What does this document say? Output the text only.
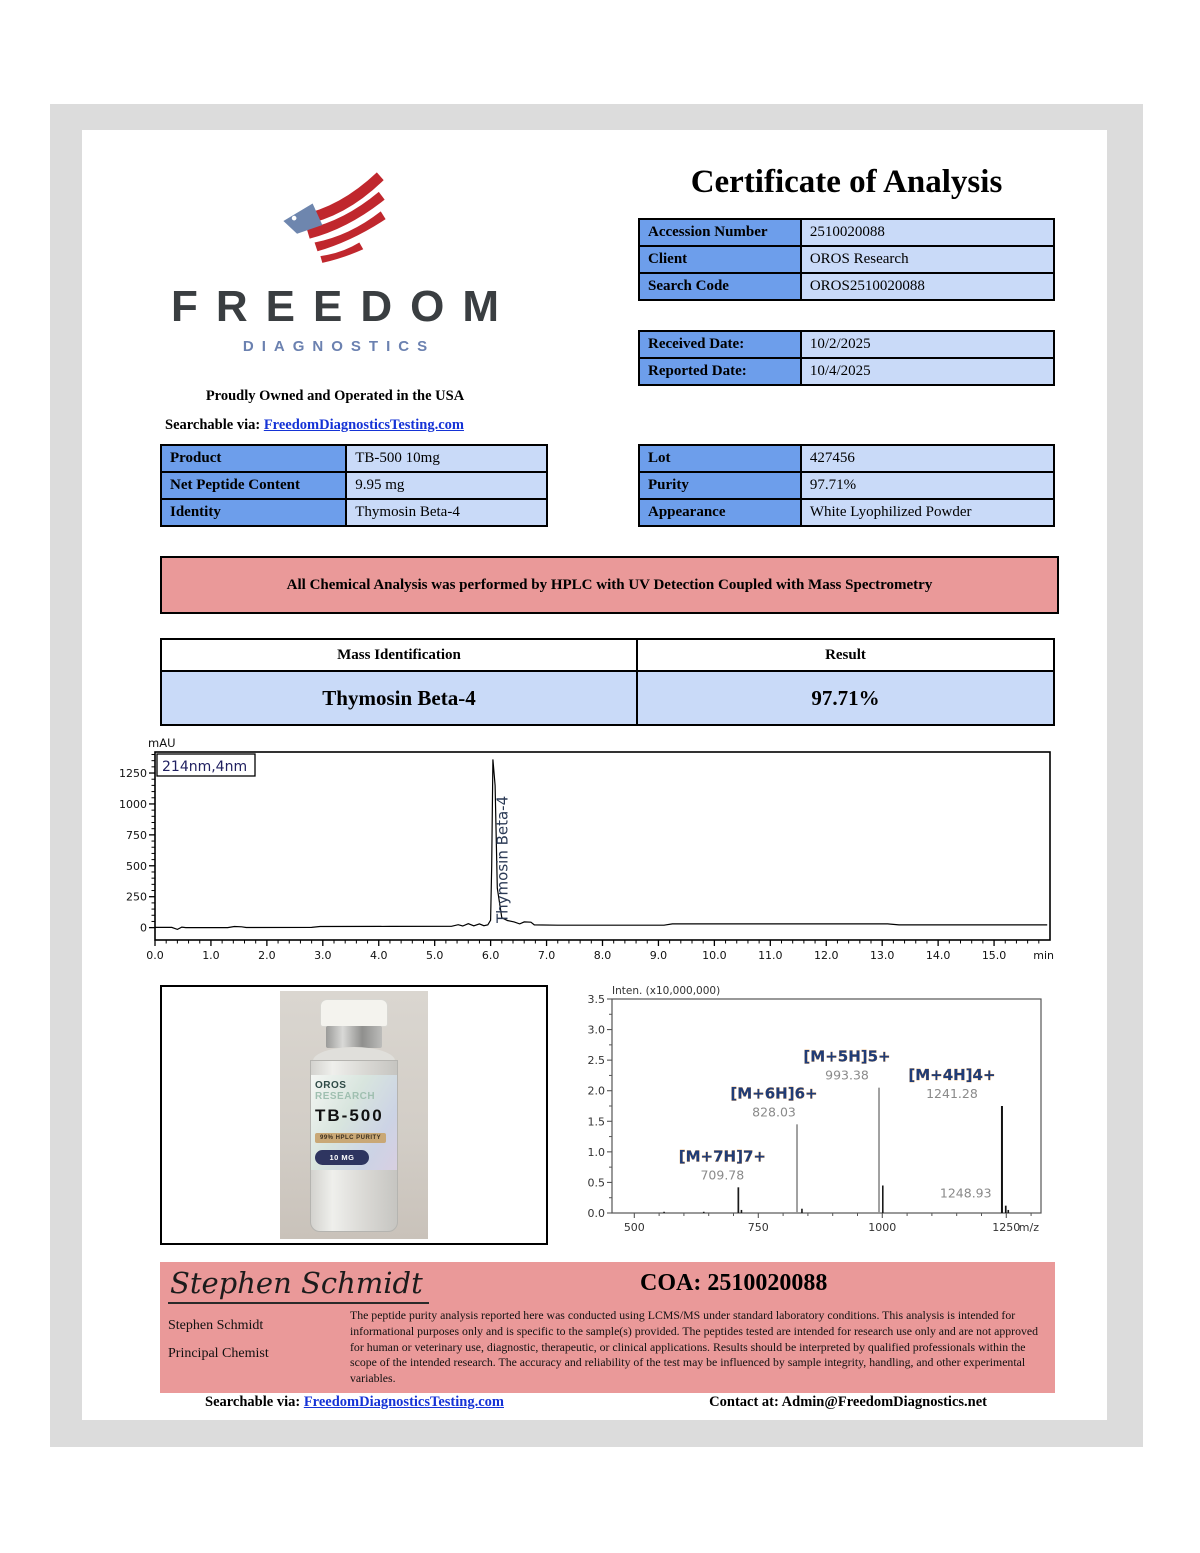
FREEDOM
DIAGNOSTICS
Proudly Owned and Operated in the USA
Searchable via: FreedomDiagnosticsTesting.com
Certificate of Analysis
Accession Number	2510020088
Client	OROS Research
Search Code	OROS2510020088
Received Date:	10/2/2025
Reported Date:	10/4/2025
Product	TB-500 10mg
Net Peptide Content	9.95 mg
Identity	Thymosin Beta-4
Lot	427456
Purity	97.71%
Appearance	White Lyophilized Powder
All Chemical Analysis was performed by HPLC with UV Detection Coupled with Mass Spectrometry
Mass Identification	Result
Thymosin Beta-4	97.71%
0
250
500
750
1000
1250
mAU
0.0	1.0	2.0	3.0	4.0	5.0	6.0	7.0	8.0	9.0	10.0	11.0	12.0	13.0	14.0	15.0 min
214nm,4nm
Thymosin Beta-4
OROS RESEARCH
TB-500
99% HPLC PURITY
10 MG
0.0
0.5
1.0
1.5
2.0
2.5
3.0
3.5
Inten. (x10,000,000)
500	750	1000	1250
m/z
[M+7H]7+
709.78
[M+6H]6+
828.03
[M+5H]5+
993.38	[M+4H]4+
1241.28
1248.93
Stephen Schmidt	COA: 2510020088
Stephen Schmidt
Principal Chemist
The peptide purity analysis reported here was conducted using LCMS/MS under standard laboratory conditions. This analysis is intended for informational purposes only and is specific to the sample(s) provided. The peptides tested are intended for research use only and are not approved for human or veterinary use, diagnostic, therapeutic, or clinical applications. Results should be interpreted by qualified professionals within the scope of the intended research. The accuracy and reliability of the test may be influenced by sample integrity, handling, and other experimental variables.
Searchable via: FreedomDiagnosticsTesting.com	Contact at: Admin@FreedomDiagnostics.net
